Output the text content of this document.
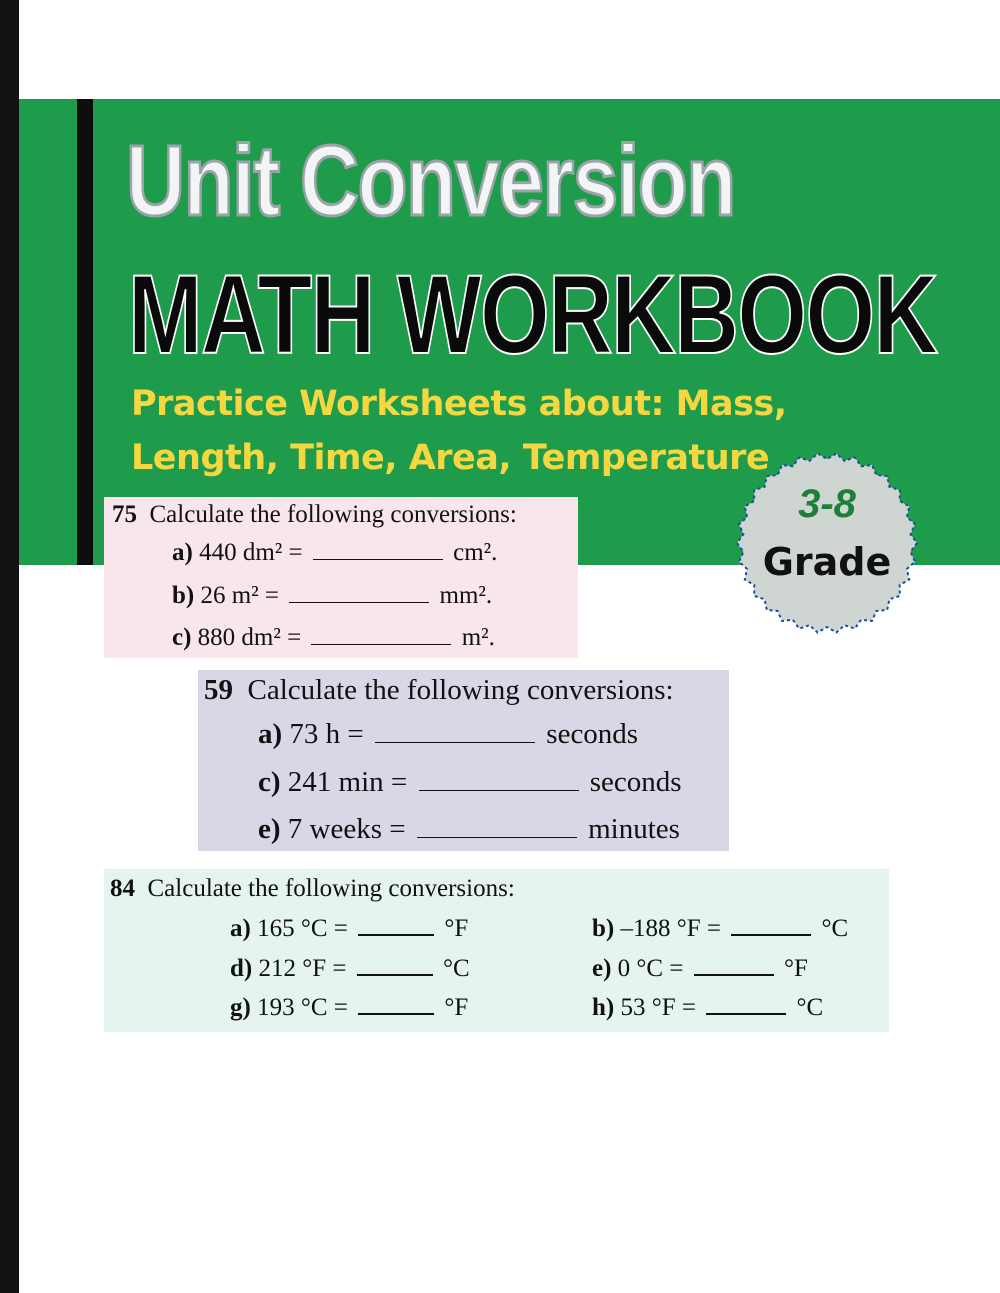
Unit Conversion
MATH WORKBOOK
Practice Worksheets about: Mass,
Length, Time, Area, Temperature
75 Calculate the following conversions:
a) 440 dm² =	cm².
b) 26 m² =	mm².
c) 880 dm² =	m².
3-8
Grade
59 Calculate the following conversions:
a) 73 h =	seconds
c) 241 min =	seconds
e) 7 weeks =	minutes
84 Calculate the following conversions:
a) 165 °C =	°F	b) –188 °F =	°C
d) 212 °F =	°C	e) 0 °C =	°F
g) 193 °C =	°F	h) 53 °F =	°C
